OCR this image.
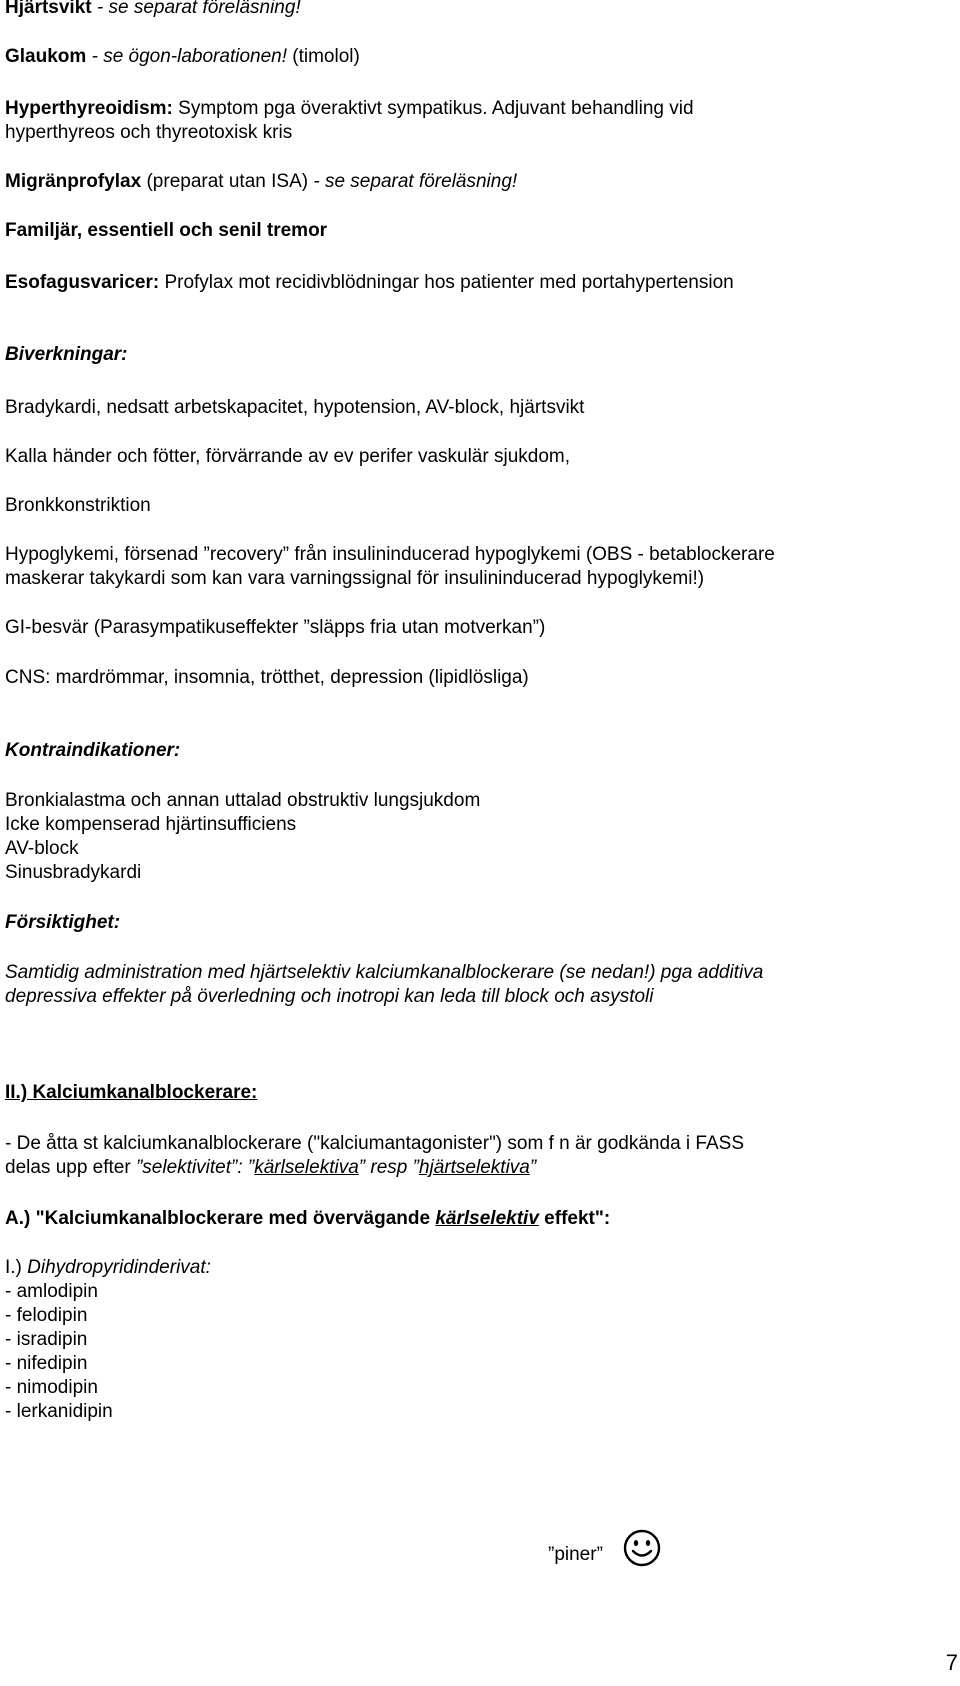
Hjärtsvikt - se separat föreläsning!
Glaukom - se ögon-laborationen! (timolol)
Hyperthyreoidism: Symptom pga överaktivt sympatikus. Adjuvant behandling vid
hyperthyreos och thyreotoxisk kris
Migränprofylax (preparat utan ISA) - se separat föreläsning!
Familjär, essentiell och senil tremor
Esofagusvaricer: Profylax mot recidivblödningar hos patienter med portahypertension
Biverkningar:
Bradykardi, nedsatt arbetskapacitet, hypotension, AV-block, hjärtsvikt
Kalla händer och fötter, förvärrande av ev perifer vaskulär sjukdom,
Bronkkonstriktion
Hypoglykemi, försenad ”recovery” från insulininducerad hypoglykemi (OBS - betablockerare
maskerar takykardi som kan vara varningssignal för insulininducerad hypoglykemi!)
GI-besvär (Parasympatikuseffekter ”släpps fria utan motverkan”)
CNS: mardrömmar, insomnia, trötthet, depression (lipidlösliga)
Kontraindikationer:
Bronkialastma och annan uttalad obstruktiv lungsjukdom
Icke kompenserad hjärtinsufficiens
AV-block
Sinusbradykardi
Försiktighet:
Samtidig administration med hjärtselektiv kalciumkanalblockerare (se nedan!) pga additiva
depressiva effekter på överledning och inotropi kan leda till block och asystoli
II.) Kalciumkanalblockerare:
- De åtta st kalciumkanalblockerare ("kalciumantagonister") som f n är godkända i FASS
delas upp efter ”selektivitet”: ”kärlselektiva” resp ”hjärtselektiva”
A.) "Kalciumkanalblockerare med övervägande kärlselektiv effekt":
I.) Dihydropyridinderivat:
- amlodipin
- felodipin
- isradipin
- nifedipin
- nimodipin
- lerkanidipin
”piner”
7
